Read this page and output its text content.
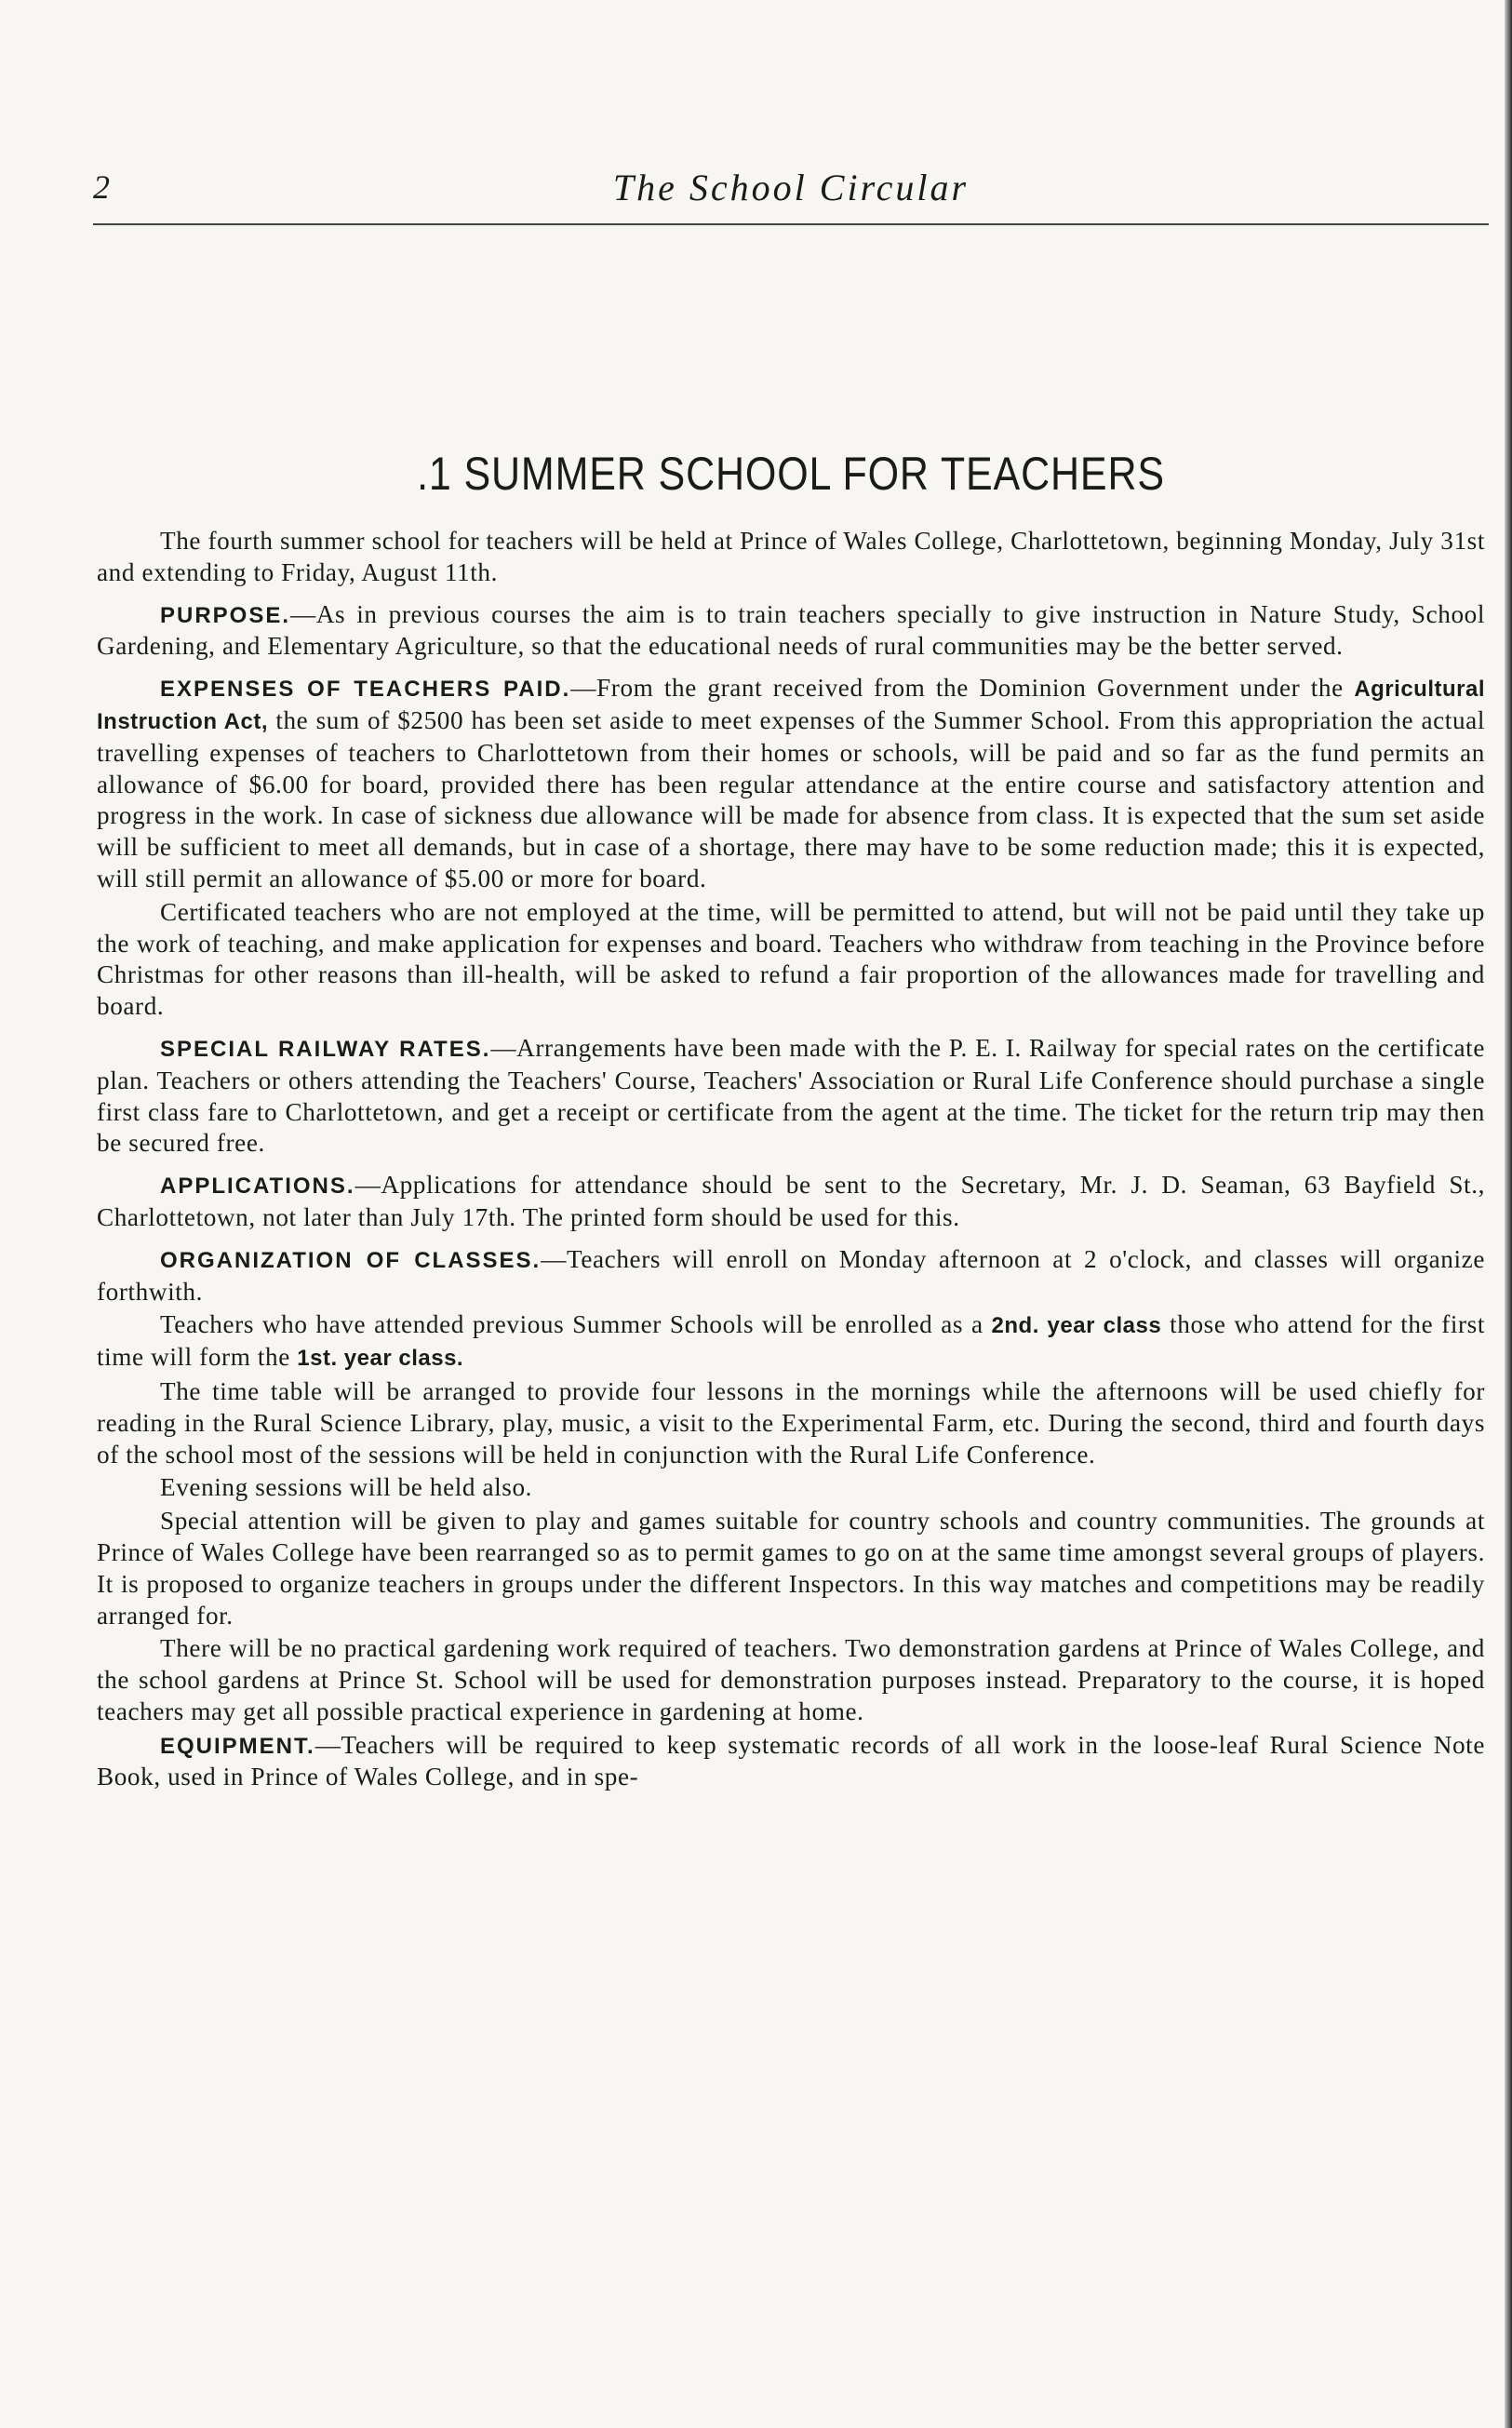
2	The School Circular
.1 SUMMER SCHOOL FOR TEACHERS

The fourth summer school for teachers will be held at Prince of Wales College, Charlottetown, beginning Monday, July 31st and extending to Friday, August 11th.

PURPOSE.—As in previous courses the aim is to train teachers specially to give instruction in Nature Study, School Gardening, and Elementary Agriculture, so that the educational needs of rural communities may be the better served.

EXPENSES OF TEACHERS PAID.—From the grant received from the Dominion Government under the Agricultural Instruction Act, the sum of $2500 has been set aside to meet expenses of the Summer School. From this appropriation the actual travelling expenses of teachers to Charlottetown from their homes or schools, will be paid and so far as the fund permits an allowance of $6.00 for board, provided there has been regular attendance at the entire course and satisfactory attention and progress in the work. In case of sickness due allowance will be made for absence from class. It is expected that the sum set aside will be sufficient to meet all demands, but in case of a shortage, there may have to be some reduction made; this it is expected, will still permit an allowance of $5.00 or more for board.

Certificated teachers who are not employed at the time, will be permitted to attend, but will not be paid until they take up the work of teaching, and make application for expenses and board. Teachers who withdraw from teaching in the Province before Christmas for other reasons than ill-health, will be asked to refund a fair proportion of the allowances made for travelling and board.

SPECIAL RAILWAY RATES.—Arrangements have been made with the P. E. I. Railway for special rates on the certificate plan. Teachers or others attending the Teachers' Course, Teachers' Association or Rural Life Conference should purchase a single first class fare to Charlottetown, and get a receipt or certificate from the agent at the time. The ticket for the return trip may then be secured free.

APPLICATIONS.—Applications for attendance should be sent to the Secretary, Mr. J. D. Seaman, 63 Bayfield St., Charlottetown, not later than July 17th. The printed form should be used for this.

ORGANIZATION OF CLASSES.—Teachers will enroll on Monday afternoon at 2 o'clock, and classes will organize forthwith.

Teachers who have attended previous Summer Schools will be enrolled as a 2nd. year class those who attend for the first time will form the 1st. year class.

The time table will be arranged to provide four lessons in the mornings while the afternoons will be used chiefly for reading in the Rural Science Library, play, music, a visit to the Experimental Farm, etc. During the second, third and fourth days of the school most of the sessions will be held in conjunction with the Rural Life Conference.

Evening sessions will be held also.

Special attention will be given to play and games suitable for country schools and country communities. The grounds at Prince of Wales College have been rearranged so as to permit games to go on at the same time amongst several groups of players. It is proposed to organize teachers in groups under the different Inspectors. In this way matches and competitions may be readily arranged for.

There will be no practical gardening work required of teachers. Two demonstration gardens at Prince of Wales College, and the school gardens at Prince St. School will be used for demonstration purposes instead. Preparatory to the course, it is hoped teachers may get all possible practical experience in gardening at home.

EQUIPMENT.—Teachers will be required to keep systematic records of all work in the loose-leaf Rural Science Note Book, used in Prince of Wales College, and in spe-
